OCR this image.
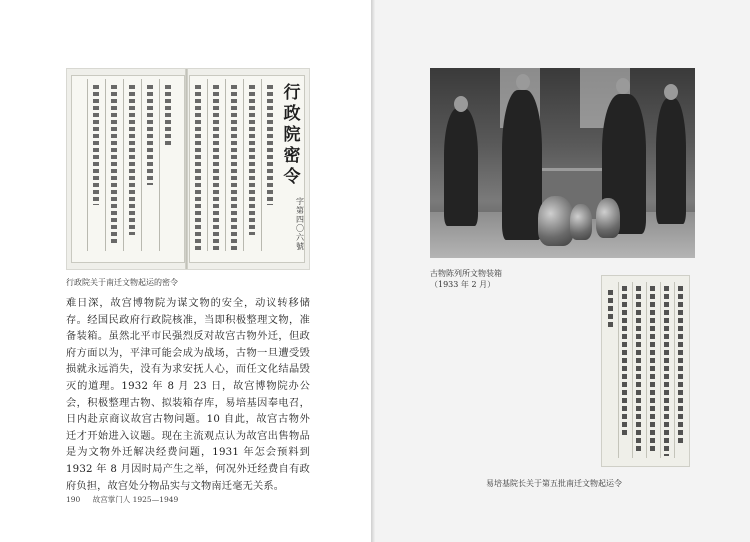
行政院密令
字第 四〇六 號
行政院关于南迁文物起运的密令

难日深，故宫博物院为谋文物的安全，动议转移储存。经国民政府行政院核准，当即积极整理文物，准备装箱。虽然北平市民强烈反对故宫古物外迁，但政府方面以为，平津可能会成为战场，古物一旦遭受毁损就永远消失，没有为求安抚人心，而任文化结晶毁灭的道理。1932 年 8 月 23 日，故宫博物院办公会，积极整理古物、拟装箱存库，易培基因奉电召，日内赴京商议故宫古物问题。10 自此，故宫古物外迁才开始进入议题。现在主流观点认为故宫出售物品是为文物外迁解决经费问题，1931 年怎会预料到 1932 年 8 月因时局产生之举，何况外迁经费自有政府负担，故宫处分物品实与文物南迁毫无关系。

190 故宫掌门人 1925—1949
古物陈列所文物装箱
（1933 年 2 月）
易培基院长关于第五批南迁文物起运令
